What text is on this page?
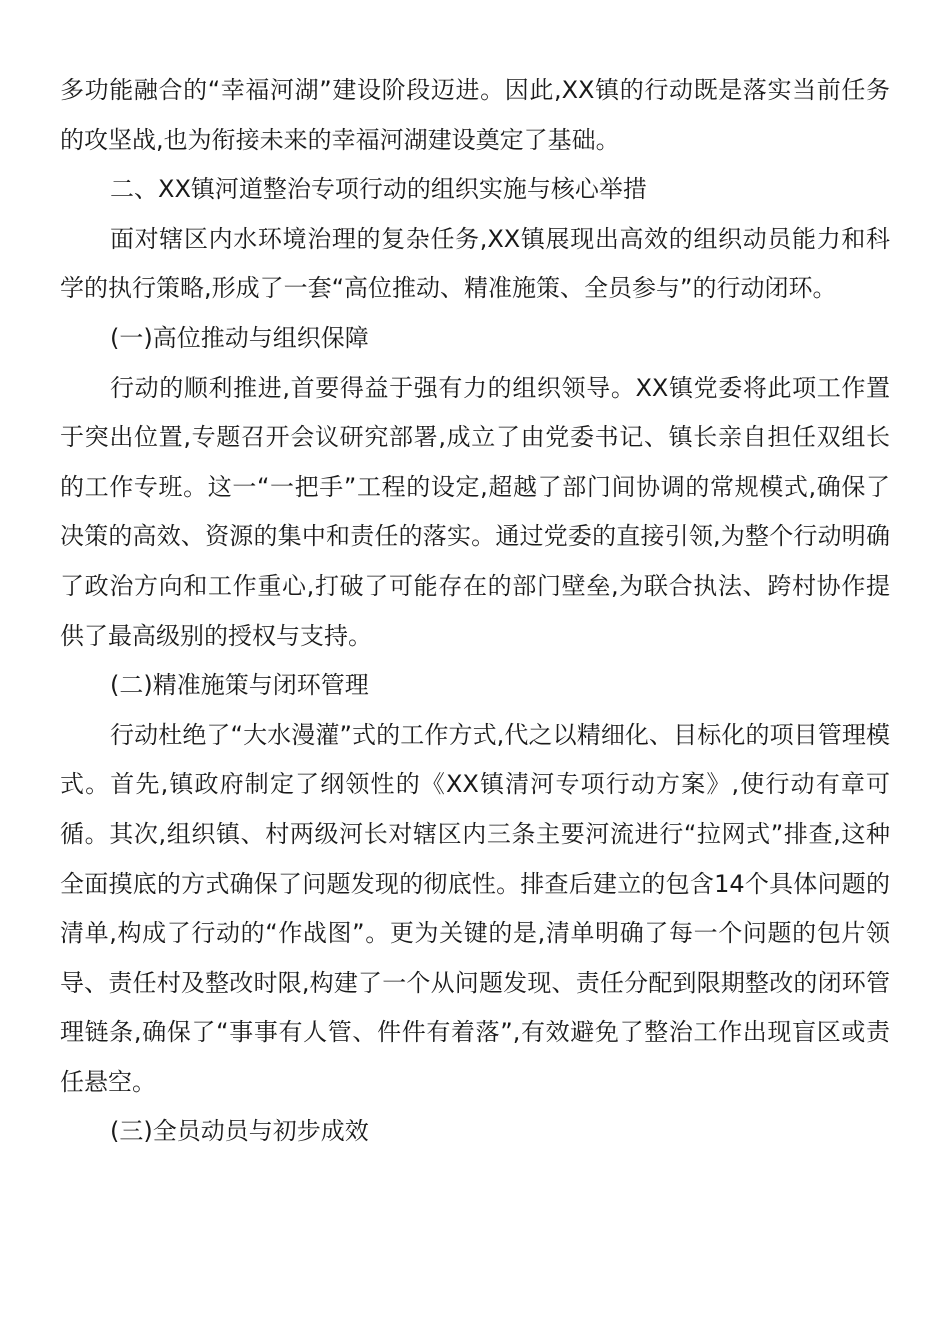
多功能融合的“幸福河湖”建设阶段迈进。因此,XX镇的行动既是落实当前任务的攻坚战,也为衔接未来的幸福河湖建设奠定了基础。

二、XX镇河道整治专项行动的组织实施与核心举措

面对辖区内水环境治理的复杂任务,XX镇展现出高效的组织动员能力和科学的执行策略,形成了一套“高位推动、精准施策、全员参与”的行动闭环。

(一)高位推动与组织保障

行动的顺利推进,首要得益于强有力的组织领导。XX镇党委将此项工作置于突出位置,专题召开会议研究部署,成立了由党委书记、镇长亲自担任双组长的工作专班。这一“一把手”工程的设定,超越了部门间协调的常规模式,确保了决策的高效、资源的集中和责任的落实。通过党委的直接引领,为整个行动明确了政治方向和工作重心,打破了可能存在的部门壁垒,为联合执法、跨村协作提供了最高级别的授权与支持。

(二)精准施策与闭环管理

行动杜绝了“大水漫灌”式的工作方式,代之以精细化、目标化的项目管理模式。首先,镇政府制定了纲领性的《XX镇清河专项行动方案》,使行动有章可循。其次,组织镇、村两级河长对辖区内三条主要河流进行“拉网式”排查,这种全面摸底的方式确保了问题发现的彻底性。排查后建立的包含14个具体问题的清单,构成了行动的“作战图”。更为关键的是,清单明确了每一个问题的包片领导、责任村及整改时限,构建了一个从问题发现、责任分配到限期整改的闭环管理链条,确保了“事事有人管、件件有着落”,有效避免了整治工作出现盲区或责任悬空。

(三)全员动员与初步成效
